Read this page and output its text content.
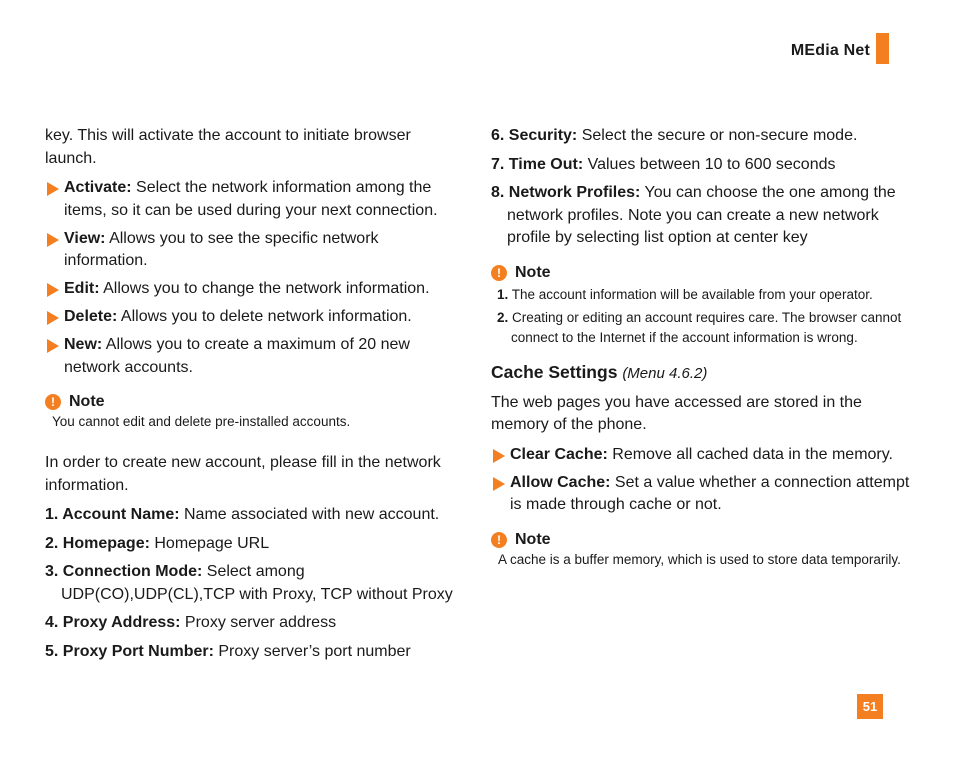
MEdia Net

key. This will activate the account to initiate browser launch.

Activate: Select the network information among the items, so it can be used during your next connection.

View: Allows you to see the specific network information.

Edit: Allows you to change the network information.

Delete: Allows you to delete network information.

New: Allows you to create a maximum of 20 new network accounts.

! Note

You cannot edit and delete pre-installed accounts.

In order to create new account, please fill in the network information.

1. Account Name: Name associated with new account.

2. Homepage: Homepage URL

3. Connection Mode: Select among UDP(CO),UDP(CL),TCP with Proxy, TCP without Proxy

4. Proxy Address: Proxy server address

5. Proxy Port Number: Proxy server’s port number

6. Security: Select the secure or non-secure mode.

7. Time Out: Values between 10 to 600 seconds

8. Network Profiles: You can choose the one among the network profiles. Note you can create a new network profile by selecting list option at center key

! Note

1. The account information will be available from your operator.

2. Creating or editing an account requires care. The browser cannot connect to the Internet if the account information is wrong.

Cache Settings (Menu 4.6.2)

The web pages you have accessed are stored in the memory of the phone.

Clear Cache: Remove all cached data in the memory.

Allow Cache: Set a value whether a connection attempt is made through cache or not.

! Note

A cache is a buffer memory, which is used to store data temporarily.

51
